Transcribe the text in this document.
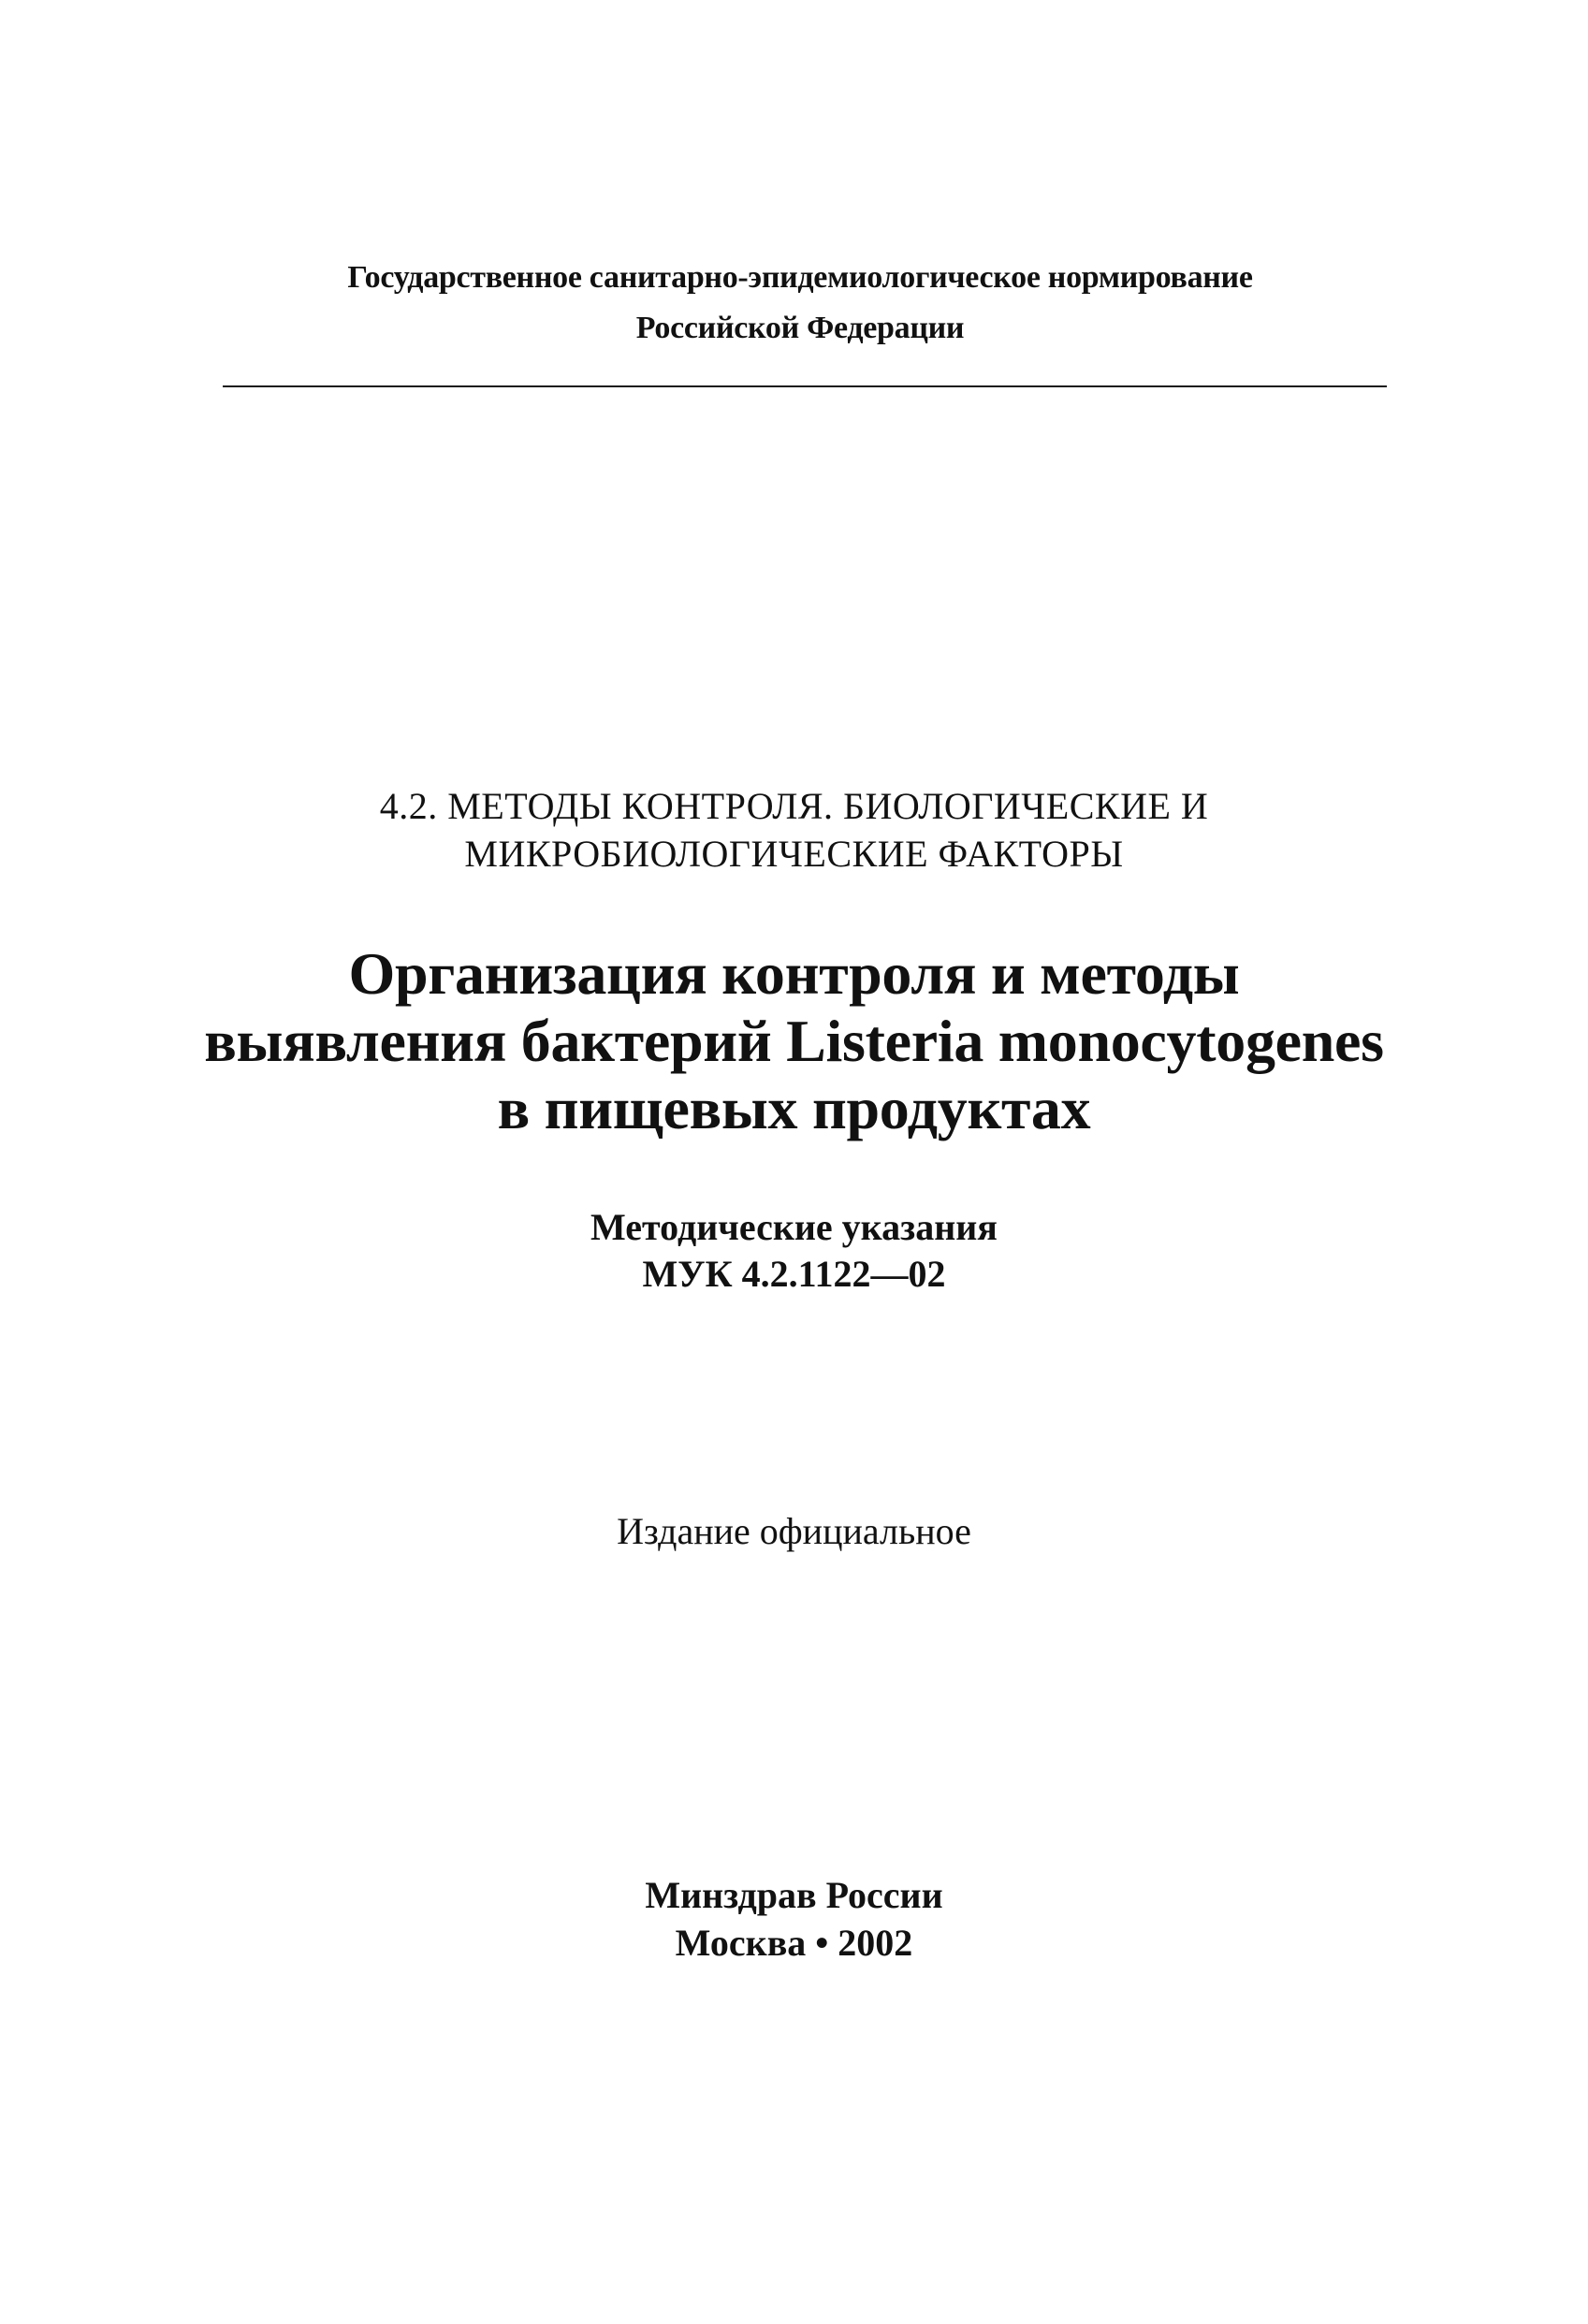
Государственное санитарно-эпидемиологическое нормирование
Российской Федерации
4.2. МЕТОДЫ КОНТРОЛЯ. БИОЛОГИЧЕСКИЕ И
МИКРОБИОЛОГИЧЕСКИЕ ФАКТОРЫ
Организация контроля и методы
выявления бактерий Listeria monocytogenes
в пищевых продуктах
Методические указания
МУК 4.2.1122—02
Издание официальное
Минздрав России
Москва • 2002
